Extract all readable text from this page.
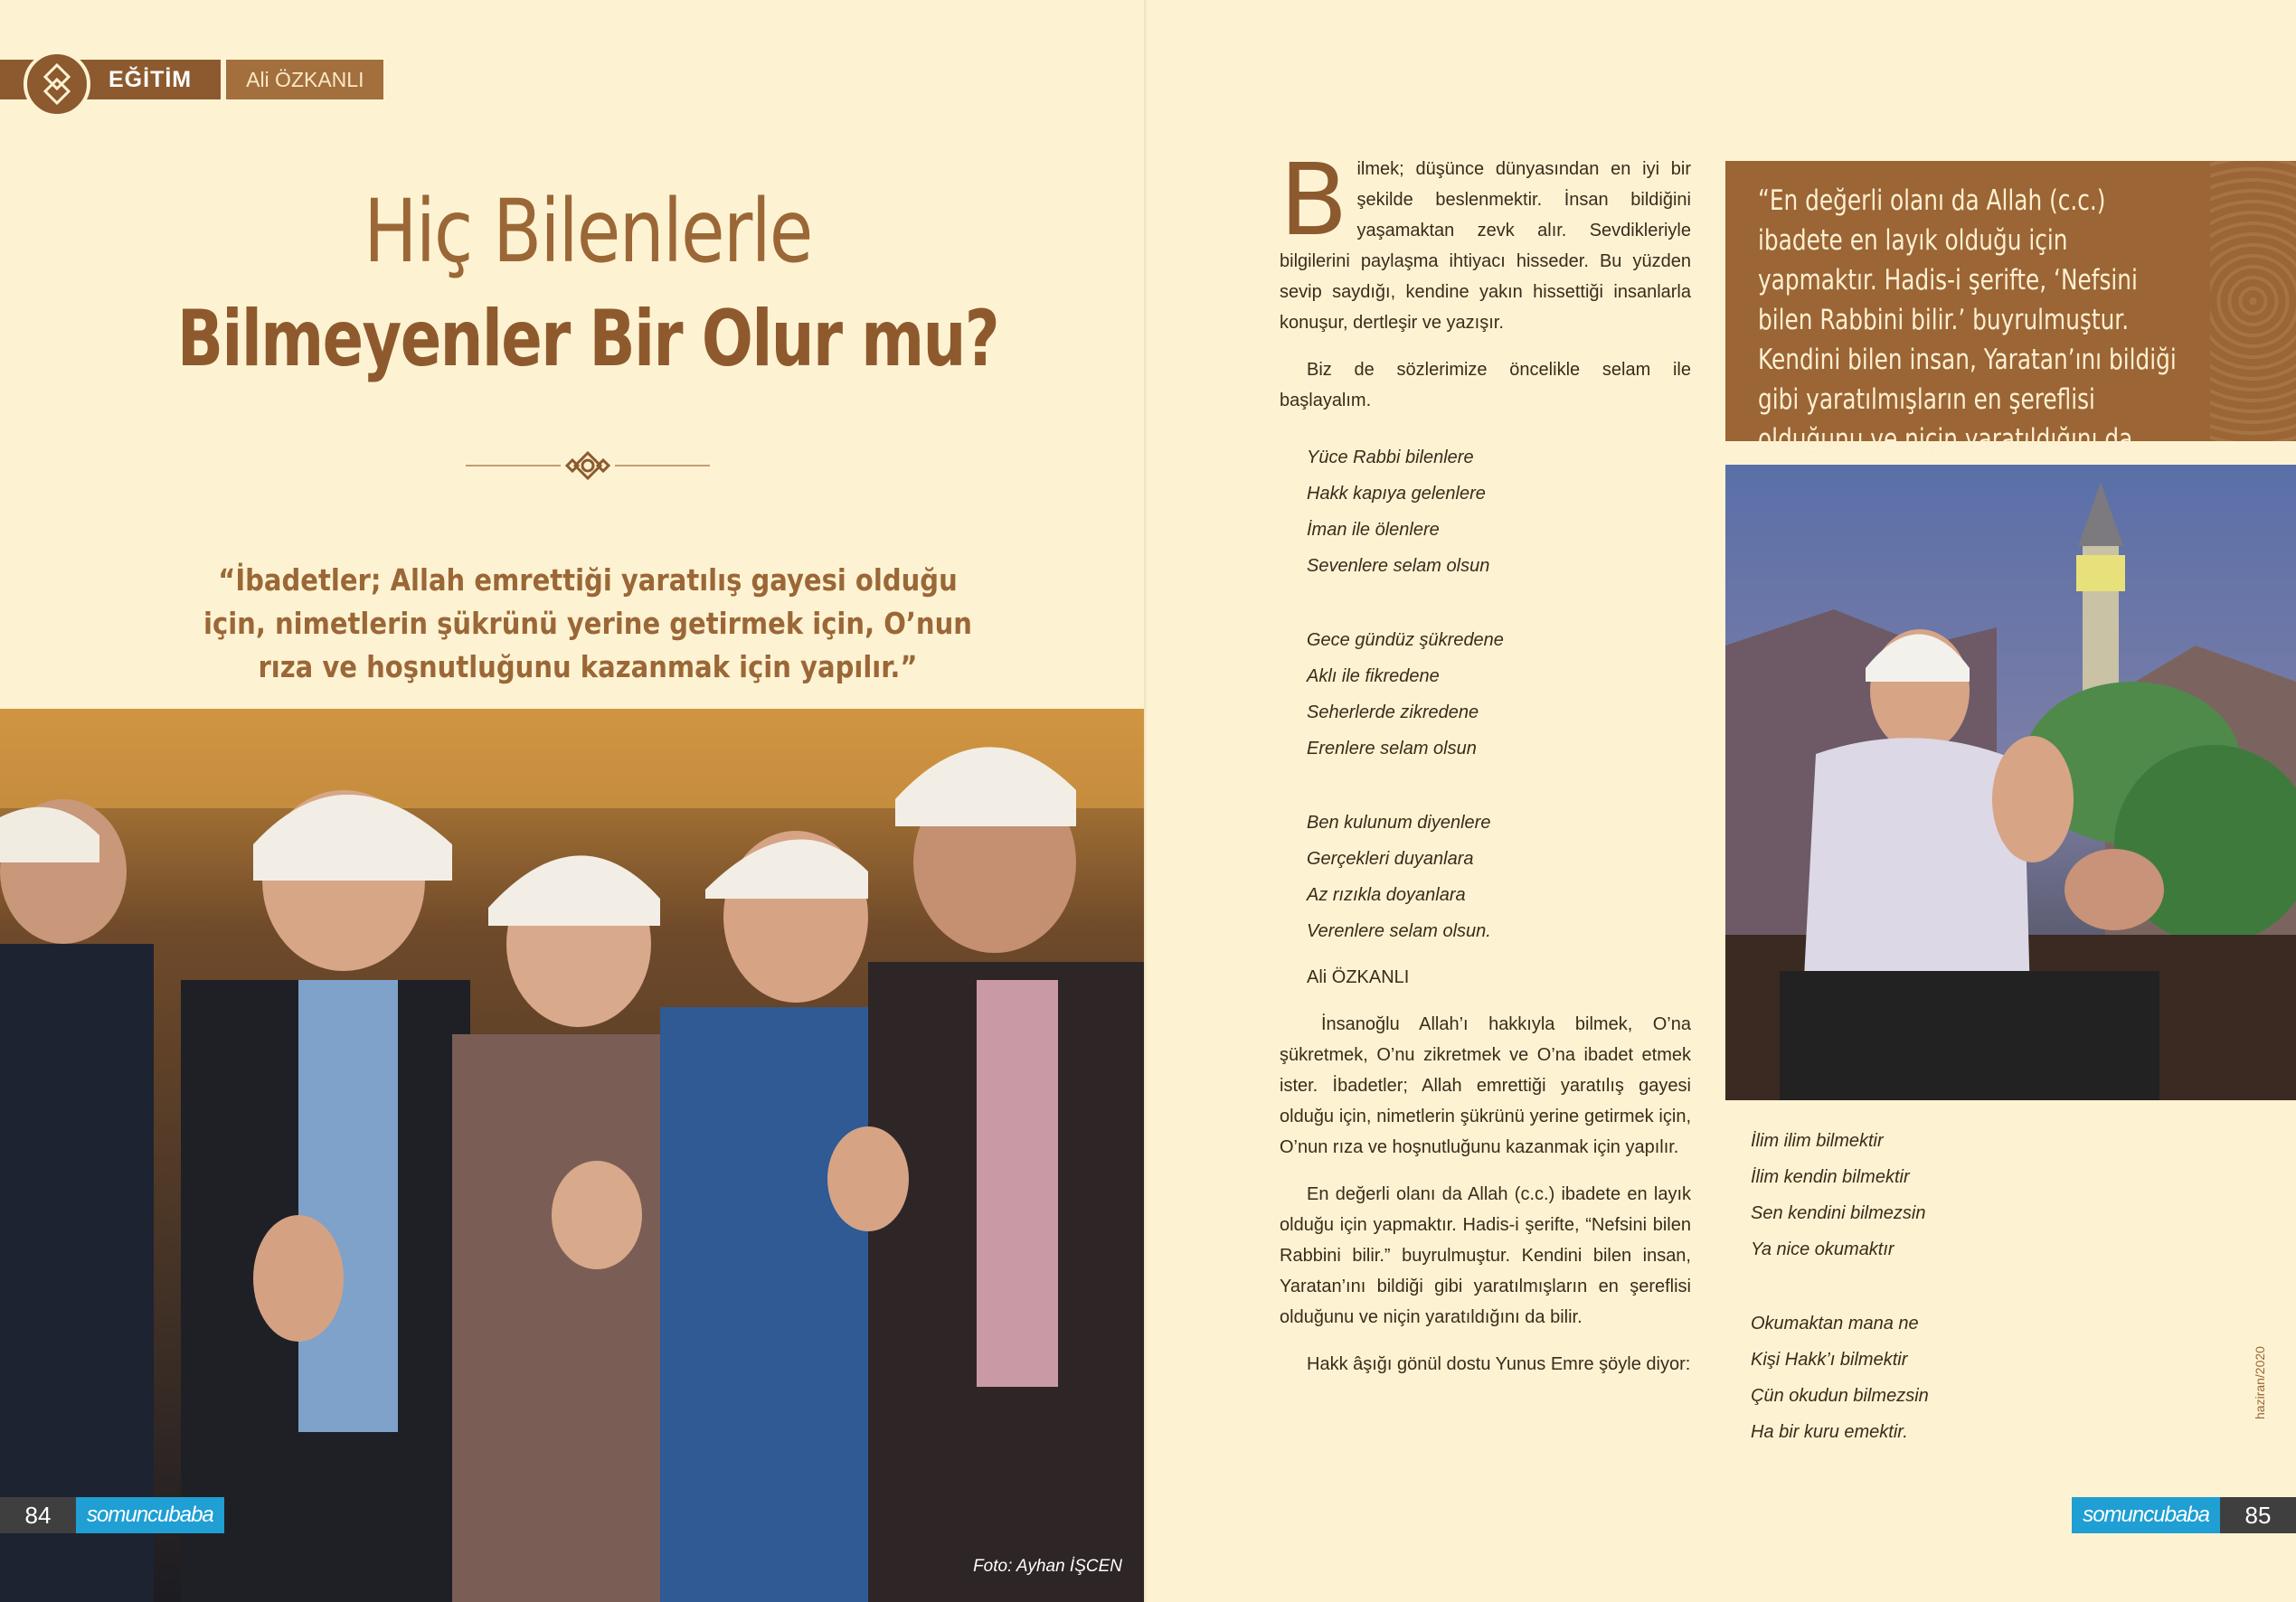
EĞİTİM	Ali ÖZKANLI
Hiç Bilenlerle
Bilmeyenler Bir Olur mu?
“İbadetler; Allah emrettiği yaratılış gayesi olduğu için, nimetlerin şükrünü yerine getirmek için, O’nun rıza ve hoşnutluğunu kazanmak için yapılır.”
Foto: Ayhan İŞCEN
84	somuncubaba

Bilmek; düşünce dünyasından en iyi bir şekilde beslenmektir. İnsan bildiğini yaşamaktan zevk alır. Sevdikleriyle bilgilerini paylaşma ihtiyacı hisseder. Bu yüzden sevip saydığı, kendine yakın hissettiği insanlarla konuşur, dertleşir ve yazışır.

Biz de sözlerimize öncelikle selam ile başlayalım.

Yüce Rabbi bilenlere
Hakk kapıya gelenlere
İman ile ölenlere
Sevenlere selam olsun
Gece gündüz şükredene
Aklı ile fikredene
Seherlerde zikredene
Erenlere selam olsun
Ben kulunum diyenlere
Gerçekleri duyanlara
Az rızıkla doyanlara
Verenlere selam olsun.
Ali ÖZKANLI

İnsanoğlu Allah’ı hakkıyla bilmek, O’na şükretmek, O’nu zikretmek ve O’na ibadet etmek ister. İbadetler; Allah emrettiği yaratılış gayesi olduğu için, nimetlerin şükrünü yerine getirmek için, O’nun rıza ve hoşnutluğunu kazanmak için yapılır.

En değerli olanı da Allah (c.c.) ibadete en layık olduğu için yapmaktır. Hadis-i şerifte, “Nefsini bilen Rabbini bilir.” buyrulmuştur. Kendini bilen insan, Yaratan’ını bildiği gibi yaratılmışların en şereflisi olduğunu ve niçin yaratıldığını da bilir.

Hakk âşığı gönül dostu Yunus Emre şöyle diyor:

“En değerli olanı da Allah (c.c.) ibadete en layık olduğu için yapmaktır. Hadis-i şerifte, ‘Nefsini bilen Rabbini bilir.’ buyrulmuştur. Kendini bilen insan, Yaratan’ını bildiği gibi yaratılmışların en şereflisi olduğunu ve niçin yaratıldığını da
İlim ilim bilmektir
İlim kendin bilmektir
Sen kendini bilmezsin
Ya nice okumaktır
Okumaktan mana ne
Kişi Hakk’ı bilmektir
Çün okudun bilmezsin
Ha bir kuru emektir.
haziran/2020
somuncubaba	85
